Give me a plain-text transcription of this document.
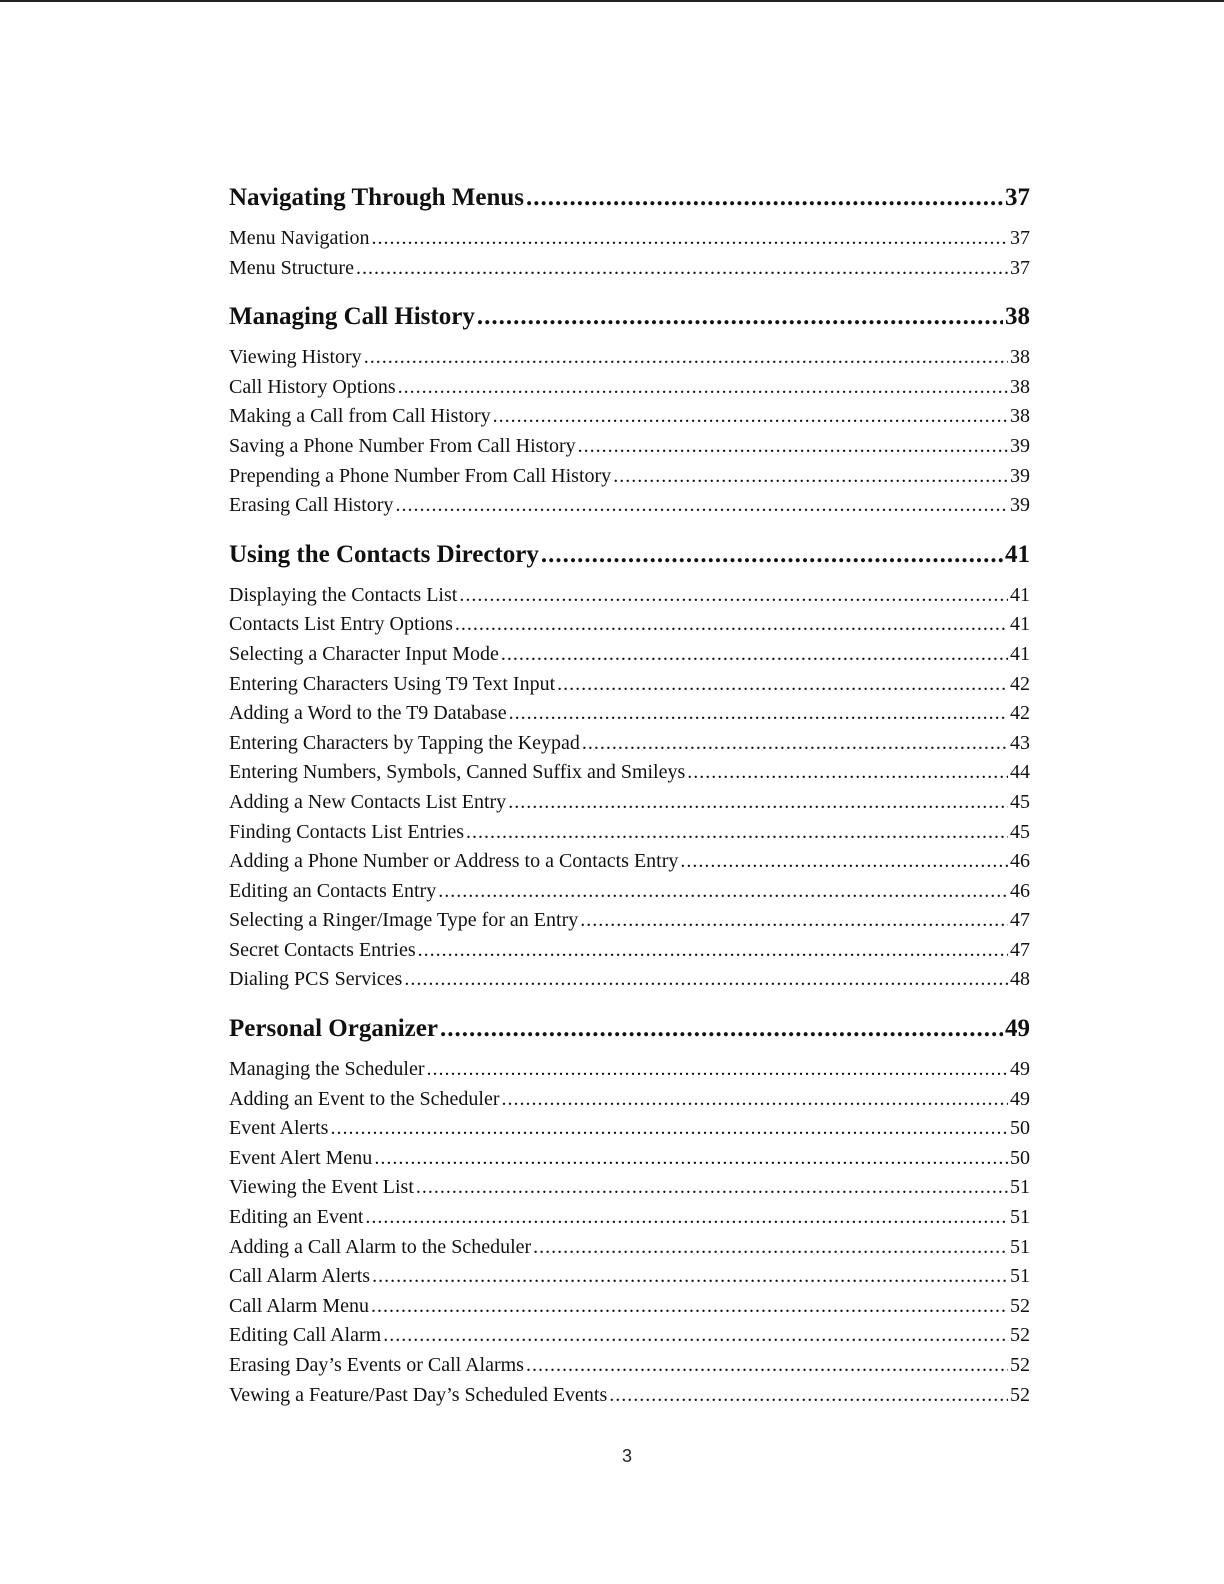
Navigating Through Menus .....	37
Menu Navigation .....	37
Menu Structure .....	37
Managing Call History .....	38
Viewing History .....	38
Call History Options .....	38
Making a Call from Call History .....	38
Saving a Phone Number From Call History .....	39
Prepending a Phone Number From Call History .....	39
Erasing Call History .....	39
Using the Contacts Directory .....	41
Displaying the Contacts List .....	41
Contacts List Entry Options .....	41
Selecting a Character Input Mode .....	41
Entering Characters Using T9 Text Input .....	42
Adding a Word to the T9 Database .....	42
Entering Characters by Tapping the Keypad .....	43
Entering Numbers, Symbols, Canned Suffix and Smileys .....	44
Adding a New Contacts List Entry .....	45
Finding Contacts List Entries .....	45
Adding a Phone Number or Address to a Contacts Entry .....	46
Editing an Contacts Entry .....	46
Selecting a Ringer/Image Type for an Entry .....	47
Secret Contacts Entries .....	47
Dialing PCS Services .....	48
Personal Organizer .....	49
Managing the Scheduler .....	49
Adding an Event to the Scheduler .....	49
Event Alerts .....	50
Event Alert Menu .....	50
Viewing the Event List .....	51
Editing an Event .....	51
Adding a Call Alarm to the Scheduler .....	51
Call Alarm Alerts .....	51
Call Alarm Menu .....	52
Editing Call Alarm .....	52
Erasing Day’s Events or Call Alarms .....	52
Vewing a Feature/Past Day’s Scheduled Events .....	52
3
